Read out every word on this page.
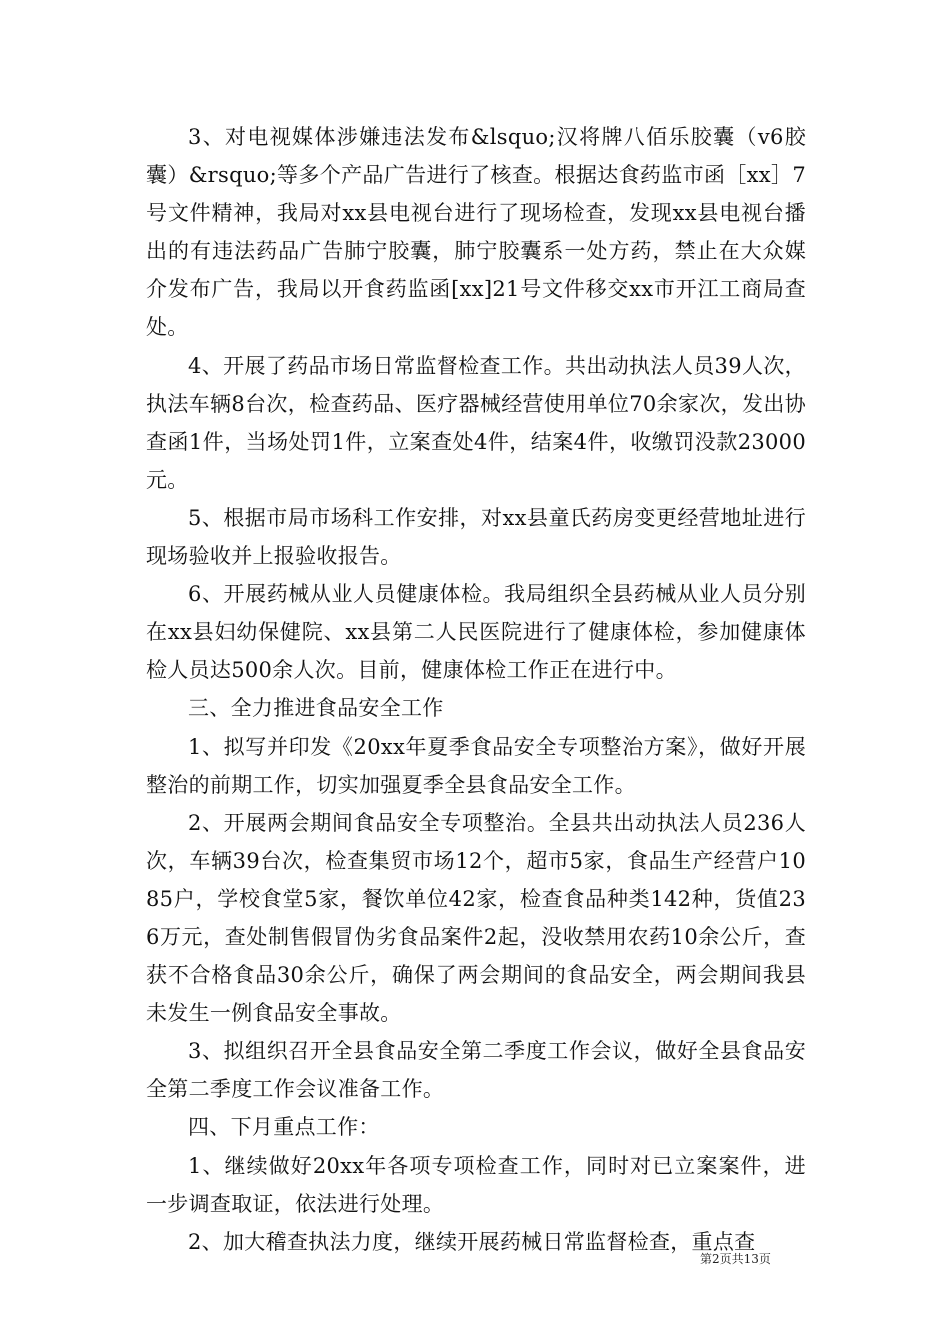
3、对电视媒体涉嫌违法发布&lsquo;汉将牌八佰乐胶囊（v6胶囊）&rsquo;等多个产品广告进行了核查。根据达食药监市函［xx］7号文件精神，我局对xx县电视台进行了现场检查，发现xx县电视台播出的有违法药品广告肺宁胶囊，肺宁胶囊系一处方药，禁止在大众媒介发布广告，我局以开食药监函[xx]21号文件移交xx市开江工商局查处。

4、开展了药品市场日常监督检查工作。共出动执法人员39人次，执法车辆8台次，检查药品、医疗器械经营使用单位70余家次，发出协查函1件，当场处罚1件，立案查处4件，结案4件，收缴罚没款23000元。

5、根据市局市场科工作安排，对xx县童氏药房变更经营地址进行现场验收并上报验收报告。

6、开展药械从业人员健康体检。我局组织全县药械从业人员分别在xx县妇幼保健院、xx县第二人民医院进行了健康体检，参加健康体检人员达500余人次。目前，健康体检工作正在进行中。

三、全力推进食品安全工作

1、拟写并印发《20xx年夏季食品安全专项整治方案》，做好开展整治的前期工作，切实加强夏季全县食品安全工作。

2、开展两会期间食品安全专项整治。全县共出动执法人员236人次，车辆39台次，检查集贸市场12个，超市5家，食品生产经营户1085户，学校食堂5家，餐饮单位42家，检查食品种类142种，货值236万元，查处制售假冒伪劣食品案件2起，没收禁用农药10余公斤，查获不合格食品30余公斤，确保了两会期间的食品安全，两会期间我县未发生一例食品安全事故。

3、拟组织召开全县食品安全第二季度工作会议，做好全县食品安全第二季度工作会议准备工作。

四、下月重点工作：

1、继续做好20xx年各项专项检查工作，同时对已立案案件，进一步调查取证，依法进行处理。

2、加大稽查执法力度，继续开展药械日常监督检查，重点查

第2页共13页
